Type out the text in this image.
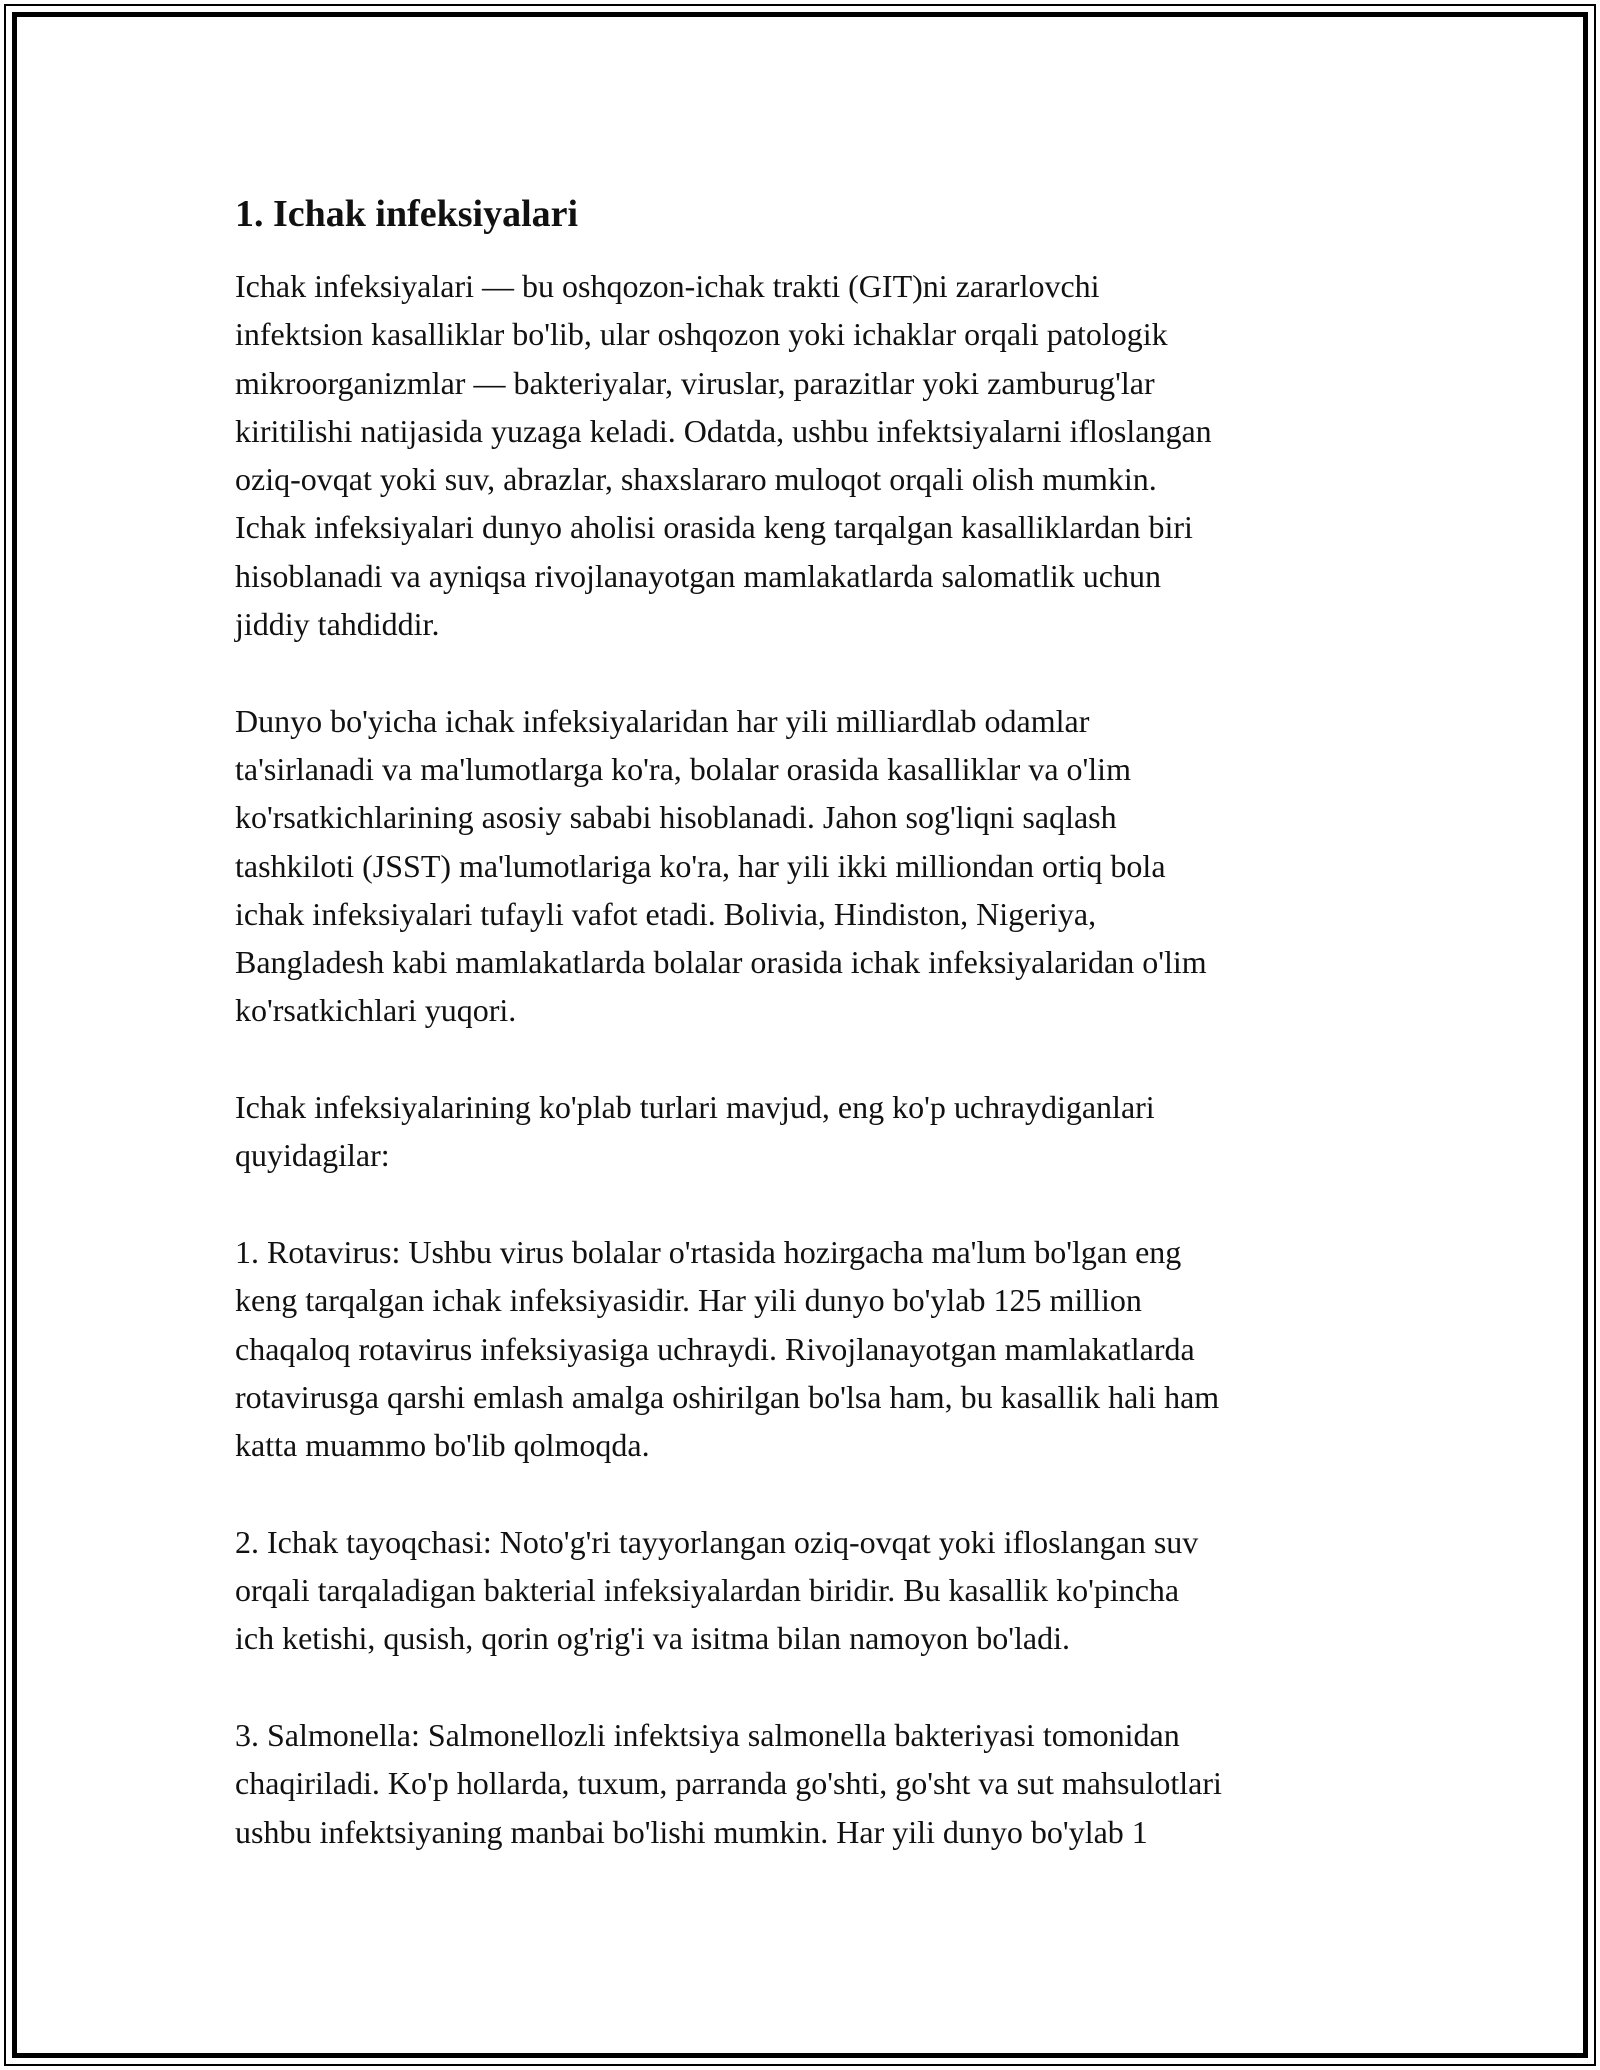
1. Ichak infeksiyalari

Ichak infeksiyalari — bu oshqozon-ichak trakti (GIT)ni zararlovchi
infektsion kasalliklar bo'lib, ular oshqozon yoki ichaklar orqali patologik
mikroorganizmlar — bakteriyalar, viruslar, parazitlar yoki zamburug'lar
kiritilishi natijasida yuzaga keladi. Odatda, ushbu infektsiyalarni ifloslangan
oziq-ovqat yoki suv, abrazlar, shaxslararo muloqot orqali olish mumkin.
Ichak infeksiyalari dunyo aholisi orasida keng tarqalgan kasalliklardan biri
hisoblanadi va ayniqsa rivojlanayotgan mamlakatlarda salomatlik uchun
jiddiy tahdiddir.

Dunyo bo'yicha ichak infeksiyalaridan har yili milliardlab odamlar
ta'sirlanadi va ma'lumotlarga ko'ra, bolalar orasida kasalliklar va o'lim
ko'rsatkichlarining asosiy sababi hisoblanadi. Jahon sog'liqni saqlash
tashkiloti (JSST) ma'lumotlariga ko'ra, har yili ikki milliondan ortiq bola
ichak infeksiyalari tufayli vafot etadi. Bolivia, Hindiston, Nigeriya,
Bangladesh kabi mamlakatlarda bolalar orasida ichak infeksiyalaridan o'lim
ko'rsatkichlari yuqori.

Ichak infeksiyalarining ko'plab turlari mavjud, eng ko'p uchraydiganlari
quyidagilar:

1. Rotavirus: Ushbu virus bolalar o'rtasida hozirgacha ma'lum bo'lgan eng
keng tarqalgan ichak infeksiyasidir. Har yili dunyo bo'ylab 125 million
chaqaloq rotavirus infeksiyasiga uchraydi. Rivojlanayotgan mamlakatlarda
rotavirusga qarshi emlash amalga oshirilgan bo'lsa ham, bu kasallik hali ham
katta muammo bo'lib qolmoqda.

2. Ichak tayoqchasi: Noto'g'ri tayyorlangan oziq-ovqat yoki ifloslangan suv
orqali tarqaladigan bakterial infeksiyalardan biridir. Bu kasallik ko'pincha
ich ketishi, qusish, qorin og'rig'i va isitma bilan namoyon bo'ladi.

3. Salmonella: Salmonellozli infektsiya salmonella bakteriyasi tomonidan
chaqiriladi. Ko'p hollarda, tuxum, parranda go'shti, go'sht va sut mahsulotlari
ushbu infektsiyaning manbai bo'lishi mumkin. Har yili dunyo bo'ylab 1
